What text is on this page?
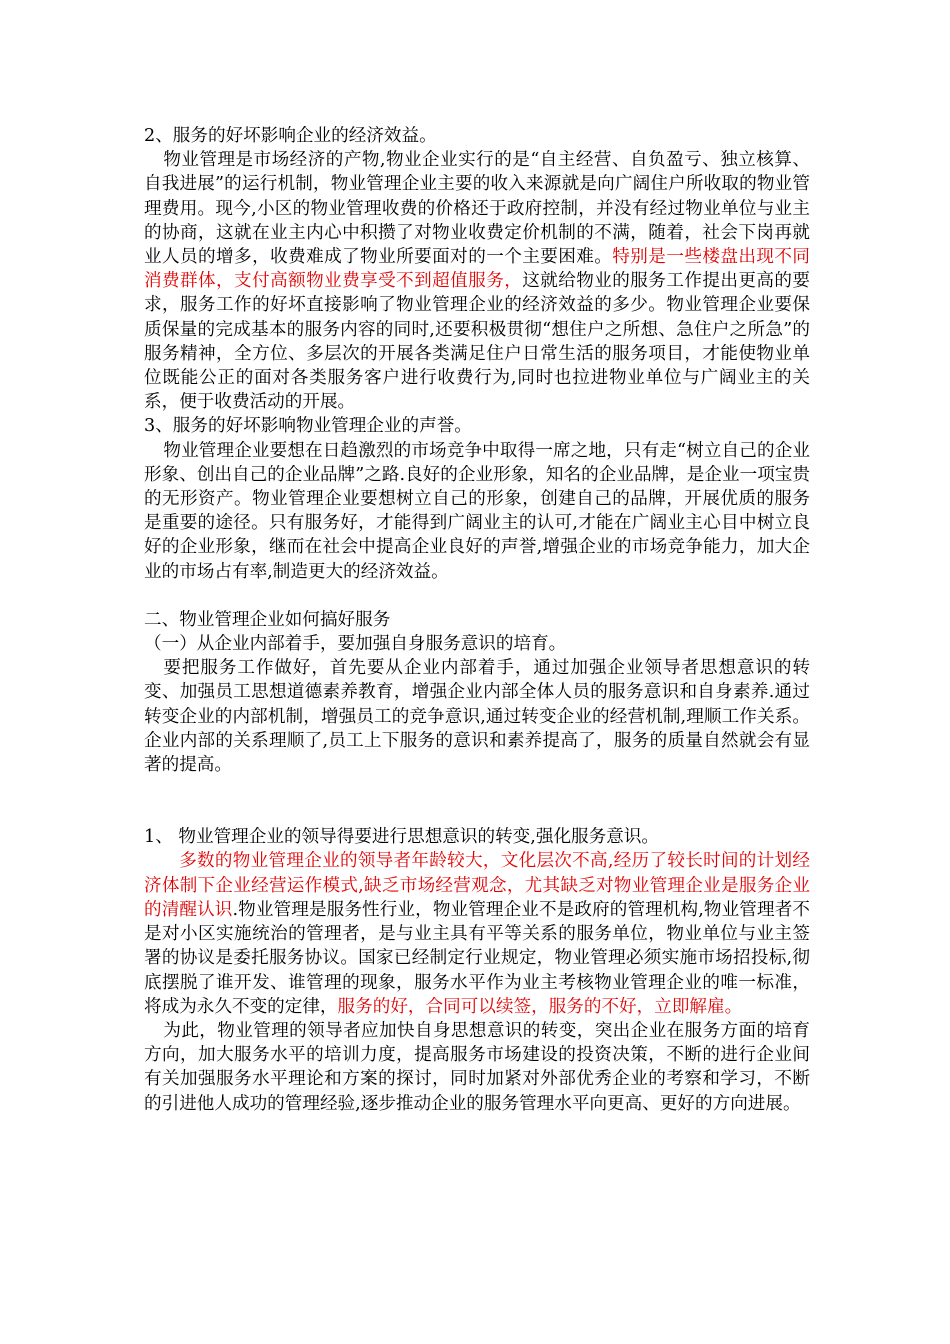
2、服务的好坏影响企业的经济效益。

物业管理是市场经济的产物,物业企业实行的是“自主经营、自负盈亏、独立核算、自我进展”的运行机制，物业管理企业主要的收入来源就是向广阔住户所收取的物业管理费用。现今,小区的物业管理收费的价格还于政府控制，并没有经过物业单位与业主的协商，这就在业主内心中积攒了对物业收费定价机制的不满，随着，社会下岗再就业人员的增多，收费难成了物业所要面对的一个主要困难。特别是一些楼盘出现不同消费群体，支付高额物业费享受不到超值服务，这就给物业的服务工作提出更高的要求，服务工作的好坏直接影响了物业管理企业的经济效益的多少。物业管理企业要保质保量的完成基本的服务内容的同时,还要积极贯彻“想住户之所想、急住户之所急”的服务精神，全方位、多层次的开展各类满足住户日常生活的服务项目，才能使物业单位既能公正的面对各类服务客户进行收费行为,同时也拉进物业单位与广阔业主的关系，便于收费活动的开展。

3、服务的好坏影响物业管理企业的声誉。

物业管理企业要想在日趋激烈的市场竞争中取得一席之地，只有走“树立自己的企业形象、创出自己的企业品牌”之路.良好的企业形象，知名的企业品牌，是企业一项宝贵的无形资产。物业管理企业要想树立自己的形象，创建自己的品牌，开展优质的服务是重要的途径。只有服务好，才能得到广阔业主的认可,才能在广阔业主心目中树立良好的企业形象，继而在社会中提高企业良好的声誉,增强企业的市场竞争能力，加大企业的市场占有率,制造更大的经济效益。

二、物业管理企业如何搞好服务

（一）从企业内部着手，要加强自身服务意识的培育。

要把服务工作做好，首先要从企业内部着手，通过加强企业领导者思想意识的转变、加强员工思想道德素养教育，增强企业内部全体人员的服务意识和自身素养.通过转变企业的内部机制，增强员工的竞争意识,通过转变企业的经营机制,理顺工作关系。企业内部的关系理顺了,员工上下服务的意识和素养提高了，服务的质量自然就会有显著的提高。

1、 物业管理企业的领导得要进行思想意识的转变,强化服务意识。

多数的物业管理企业的领导者年龄较大，文化层次不高,经历了较长时间的计划经济体制下企业经营运作模式,缺乏市场经营观念，尤其缺乏对物业管理企业是服务企业的清醒认识.物业管理是服务性行业，物业管理企业不是政府的管理机构,物业管理者不是对小区实施统治的管理者，是与业主具有平等关系的服务单位，物业单位与业主签署的协议是委托服务协议。国家已经制定行业规定，物业管理必须实施市场招投标,彻底摆脱了谁开发、谁管理的现象，服务水平作为业主考核物业管理企业的唯一标准，将成为永久不变的定律，服务的好，合同可以续签，服务的不好，立即解雇。

为此，物业管理的领导者应加快自身思想意识的转变，突出企业在服务方面的培育方向，加大服务水平的培训力度，提高服务市场建设的投资决策，不断的进行企业间有关加强服务水平理论和方案的探讨，同时加紧对外部优秀企业的考察和学习，不断的引进他人成功的管理经验,逐步推动企业的服务管理水平向更高、更好的方向进展。
